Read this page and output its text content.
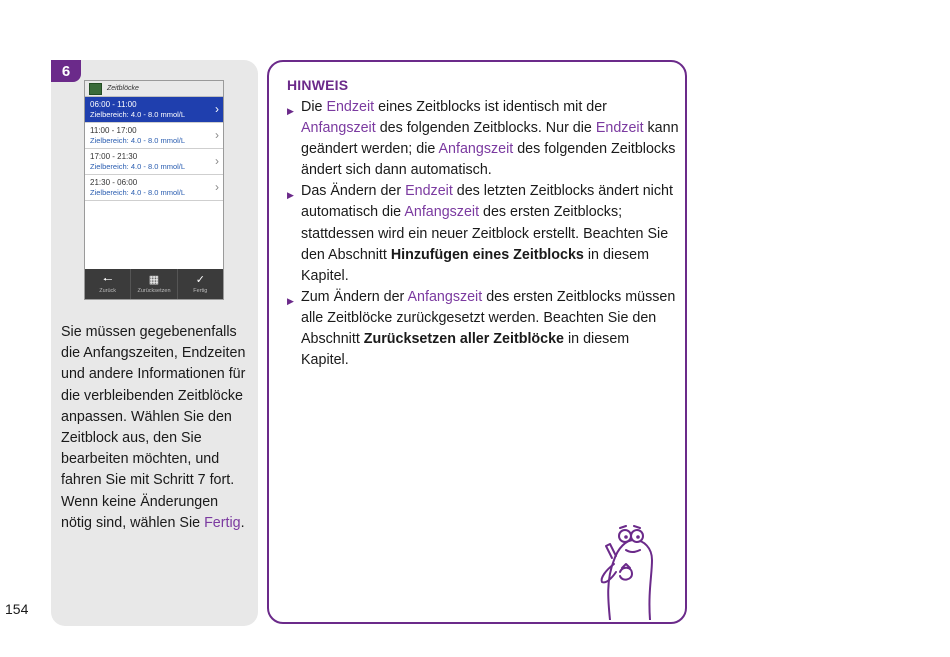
6
Zeitblöcke
06:00 - 11:00
Zielbereich: 4.0 - 8.0 mmol/L	›
11:00 - 17:00
Zielbereich: 4.0 - 8.0 mmol/L	›
17:00 - 21:30
Zielbereich: 4.0 - 8.0 mmol/L	›
21:30 - 06:00
Zielbereich: 4.0 - 8.0 mmol/L	›
🠐
Zurück
▦
Zurücksetzen
✓
Fertig
Sie müssen gegebenenfalls die Anfangszeiten, Endzeiten und andere Informationen für die verbleibenden Zeitblöcke anpassen. Wählen Sie den Zeitblock aus, den Sie bearbeiten möchten, und fahren Sie mit Schritt 7 fort. Wenn keine Änderungen nötig sind, wählen Sie Fertig.
154
HINWEIS
▶ Die Endzeit eines Zeitblocks ist identisch mit der Anfangszeit des folgenden Zeitblocks. Nur die Endzeit kann geändert werden; die Anfangszeit des folgenden Zeitblocks ändert sich dann automatisch.
▶ Das Ändern der Endzeit des letzten Zeitblocks ändert nicht automatisch die Anfangszeit des ersten Zeitblocks; stattdessen wird ein neuer Zeitblock erstellt. Beachten Sie den Abschnitt Hinzufügen eines Zeitblocks in diesem Kapitel.
▶ Zum Ändern der Anfangszeit des ersten Zeitblocks müssen alle Zeitblöcke zurückgesetzt werden. Beachten Sie den Abschnitt Zurücksetzen aller Zeitblöcke in diesem Kapitel.
